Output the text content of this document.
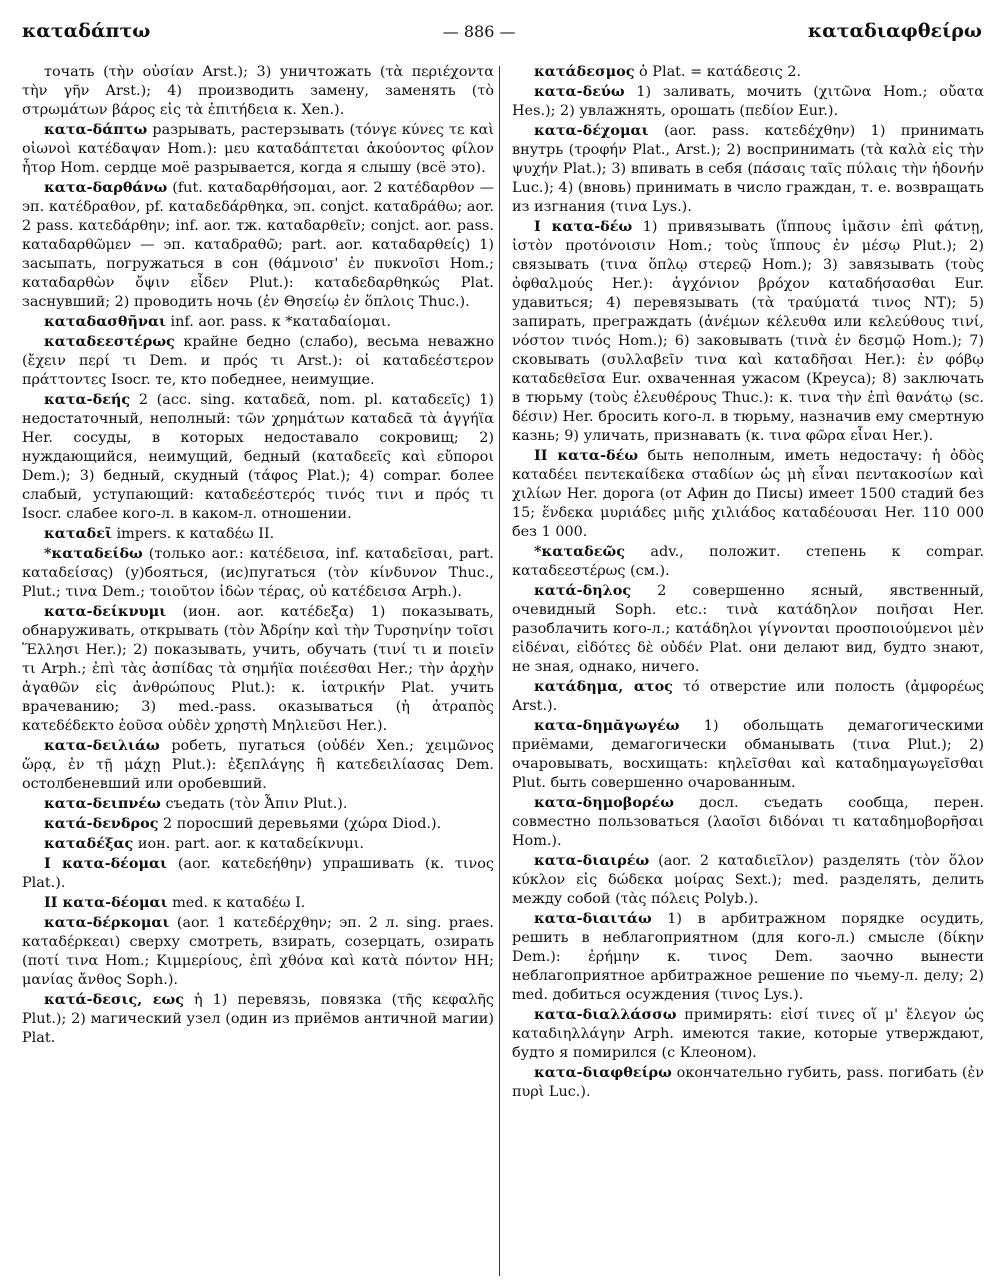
καταδάπτω	— 886 —	καταδιαφθείρω

точать (τὴν οὐσίαν Arst.); 3) уничтожать (τὰ περιέχοντα τὴν γῆν Arst.); 4) производить замену, заменять (τὸ στρωμάτων βάρος εἰς τὰ ἐπιτήδεια κ. Xen.).

κατα-δάπτω разрывать, растерзывать (τόνγε κύνες τε καὶ οἰωνοὶ κατέδαψαν Hom.): μευ καταδάπτεται ἀκούοντος φίλον ἦτορ Hom. сердце моё разрывается, когда я слышу (всё это).

κατα-δαρθάνω (fut. καταδαρθήσομαι, aor. 2 κατέδαρθον — эп. κατέδραθον, pf. καταδεδάρθηκα, эп. conjct. καταδράθω; aor. 2 pass. κατεδάρθην; inf. aor. тж. καταδαρθεῖν; conjct. aor. pass. καταδαρθῶμεν — эп. καταδραθῶ; part. aor. καταδαρθείς) 1) засыпать, погружаться в сон (θάμνοισ' ἐν πυκνοῖσι Hom.; καταδαρθὼν ὄψιν εἶδεν Plut.): καταδεδαρθηκώς Plat. заснувший; 2) проводить ночь (ἐν Θησείῳ ἐν ὅπλοις Thuc.).

καταδασθῆναι inf. aor. pass. к *καταδαίομαι.

καταδεεστέρως крайне бедно (слабо), весьма неважно (ἔχειν περί τι Dem. и πρός τι Arst.): οἱ καταδεέστερον πράττοντες Isocr. те, кто победнее, неимущие.

κατα-δεής 2 (acc. sing. καταδεᾶ, nom. pl. καταδεεῖς) 1) недостаточный, неполный: τῶν χρημάτων καταδεᾶ τὰ ἀγγήϊα Her. сосуды, в которых недоставало сокровищ; 2) нуждающийся, неимущий, бедный (καταδεεῖς καὶ εὔποροι Dem.); 3) бедный, скудный (τάφος Plat.); 4) compar. более слабый, уступающий: καταδεέστερός τινός τινι и πρός τι Isocr. слабее кого-л. в каком-л. отношении.

καταδεῖ impers. к καταδέω II.

*καταδείδω (только aor.: κατέδεισα, inf. καταδεῖσαι, part. καταδείσας) (у)бояться, (ис)пугаться (τὸν κίνδυνον Thuc., Plut.; τινα Dem.; τοιοῦτον ἰδὼν τέρας, οὐ κατέδεισα Arph.).

κατα-δείκνυμι (ион. aor. κατέδεξα) 1) показывать, обнаруживать, открывать (τὸν Ἀδρίην καὶ τὴν Τυρσηνίην τοῖσι Ἕλλησι Her.); 2) показывать, учить, обучать (τινί τι и ποιεῖν τι Arph.; ἐπὶ τὰς ἀσπίδας τὰ σημήϊα ποιέεσθαι Her.; τὴν ἀρχὴν ἀγαθῶν εἰς ἀνθρώπους Plut.): κ. ἰατρικήν Plat. учить врачеванию; 3) med.-pass. оказываться (ἡ ἀτραπὸς κατεδέδεκτο ἐοῦσα οὐδὲν χρηστὴ Μηλιεῦσι Her.).

κατα-δειλιάω робеть, пугаться (οὐδέν Xen.; χειμῶνος ὥρᾳ, ἐν τῇ μάχῃ Plut.): ἐξεπλάγης ἢ κατεδειλίασας Dem. остолбеневший или оробевший.

κατα-δειπνέω съедать (τὸν Ἆπιν Plut.).

κατά-δενδρος 2 поросший деревьями (χώρα Diod.).

καταδέξας ион. part. aor. к καταδείκνυμι.

I κατα-δέομαι (aor. κατεδεήθην) упрашивать (κ. τινος Plat.).

II κατα-δέομαι med. к καταδέω I.

κατα-δέρκομαι (aor. 1 κατεδέρχθην; эп. 2 л. sing. praes. καταδέρκεαι) сверху смотреть, взирать, созерцать, озирать (ποτί τινα Hom.; Κιμμερίους, ἐπὶ χθόνα καὶ κατὰ πόντον HH; μανίας ἄνθος Soph.).

κατά-δεσις, εως ἡ 1) перевязь, повязка (τῆς κεφαλῆς Plut.); 2) магический узел (один из приёмов античной магии) Plat.

κατάδεσμος ὁ Plat. = κατάδεσις 2.

κατα-δεύω 1) заливать, мочить (χιτῶνα Hom.; οὔατα Hes.); 2) увлажнять, орошать (πεδίον Eur.).

κατα-δέχομαι (aor. pass. κατεδέχθην) 1) принимать внутрь (τροφήν Plat., Arst.); 2) воспринимать (τὰ καλὰ εἰς τὴν ψυχήν Plat.); 3) впивать в себя (πάσαις ταῖς πύλαις τὴν ἡδονήν Luc.); 4) (вновь) принимать в число граждан, т. е. возвращать из изгнания (τινα Lys.).

I κατα-δέω 1) привязывать (ἵππους ἱμᾶσιν ἐπὶ φάτνῃ, ἱστὸν προτόνοισιν Hom.; τοὺς ἵππους ἐν μέσῳ Plut.); 2) связывать (τινα ὅπλῳ στερεῷ Hom.); 3) завязывать (τοὺς ὀφθαλμούς Her.): ἀγχόνιον βρόχον καταδήσασθαι Eur. удавиться; 4) перевязывать (τὰ τραύματά τινος NT); 5) запирать, преграждать (ἀνέμων κέλευθα или κελεύθους τινί, νόστον τινός Hom.); 6) заковывать (τινὰ ἐν δεσμῷ Hom.); 7) сковывать (συλλαβεῖν τινα καὶ καταδῆσαι Her.): ἐν φόβῳ καταδεθεῖσα Eur. охваченная ужасом (Креуса); 8) заключать в тюрьму (τοὺς ἐλευθέρους Thuc.): κ. τινα τὴν ἐπὶ θανάτῳ (sc. δέσιν) Her. бросить кого-л. в тюрьму, назначив ему смертную казнь; 9) уличать, признавать (κ. τινα φῶρα εἶναι Her.).

II κατα-δέω быть неполным, иметь недостачу: ἡ ὁδὸς καταδέει πεντεκαίδεκα σταδίων ὡς μὴ εἶναι πεντακοσίων καὶ χιλίων Her. дорога (от Афин до Писы) имеет 1500 стадий без 15; ἕνδεκα μυριάδες μιῆς χιλιάδος καταδέουσαι Her. 110 000 без 1 000.

*καταδεῶς adv., положит. степень к compar. καταδεεστέρως (см.).

κατά-δηλος 2 совершенно ясный, явственный, очевидный Soph. etc.: τινὰ κατάδηλον ποιῆσαι Her. разоблачить кого-л.; κατάδηλοι γίγνονται προσποιούμενοι μὲν εἰδέναι, εἰδότες δὲ οὐδέν Plat. они делают вид, будто знают, не зная, однако, ничего.

κατάδημα, ατος τό отверстие или полость (ἀμφορέως Arst.).

κατα-δημᾰγωγέω 1) обольщать демагогическими приёмами, демагогически обманывать (τινα Plut.); 2) очаровывать, восхищать: κηλεῖσθαι καὶ καταδημαγωγεῖσθαι Plut. быть совершенно очарованным.

κατα-δημοβορέω досл. съедать сообща, перен. совместно пользоваться (λαοῖσι διδόναι τι καταδημοβορῆσαι Hom.).

κατα-διαιρέω (aor. 2 καταδιεῖλον) разделять (τὸν ὅλον κύκλον εἰς δώδεκα μοίρας Sext.); med. разделять, делить между собой (τὰς πόλεις Polyb.).

κατα-διαιτάω 1) в арбитражном порядке осудить, решить в неблагоприятном (для кого-л.) смысле (δίκην Dem.): ἐρήμην κ. τινος Dem. заочно вынести неблагоприятное арбитражное решение по чьему-л. делу; 2) med. добиться осуждения (τινος Lys.).

κατα-διαλλάσσω примирять: εἰσί τινες οἵ μ' ἔλεγον ὡς καταδιηλλάγην Arph. имеются такие, которые утверждают, будто я помирился (с Клеоном).

κατα-διαφθείρω окончательно губить, pass. погибать (ἐν πυρὶ Luc.).
